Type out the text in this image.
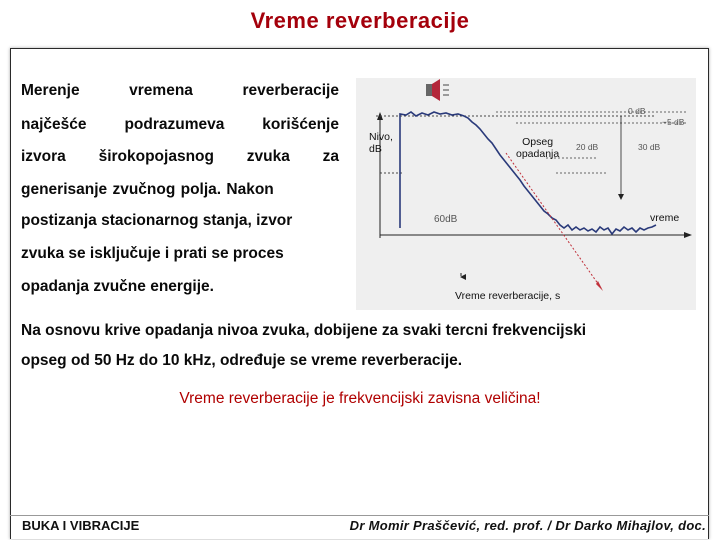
Vreme reverberacije
Merenje	vremena	reverberacije
najčešće podrazumeva korišćenje
izvora širokopojasnog zvuka za
generisanje zvučnog polja. Nakon
postizanja stacionarnog stanja, izvor
zvuka se isključuje i prati se proces
opadanja zvučne energije.
Nivo,
dB
Opseg
opadanja
0 dB
−5 dB
20 dB	30 dB
60dB	vreme
Vreme reverberacije, s
Na osnovu krive opadanja nivoa zvuka, dobijene za svaki tercni frekvencijski
opseg od 50 Hz do 10 kHz, određuje se vreme reverberacije.
Vreme reverberacije je frekvencijski zavisna veličina!
BUKA I VIBRACIJE	Dr Momir Praščević, red. prof. / Dr Darko Mihajlov, doc.
